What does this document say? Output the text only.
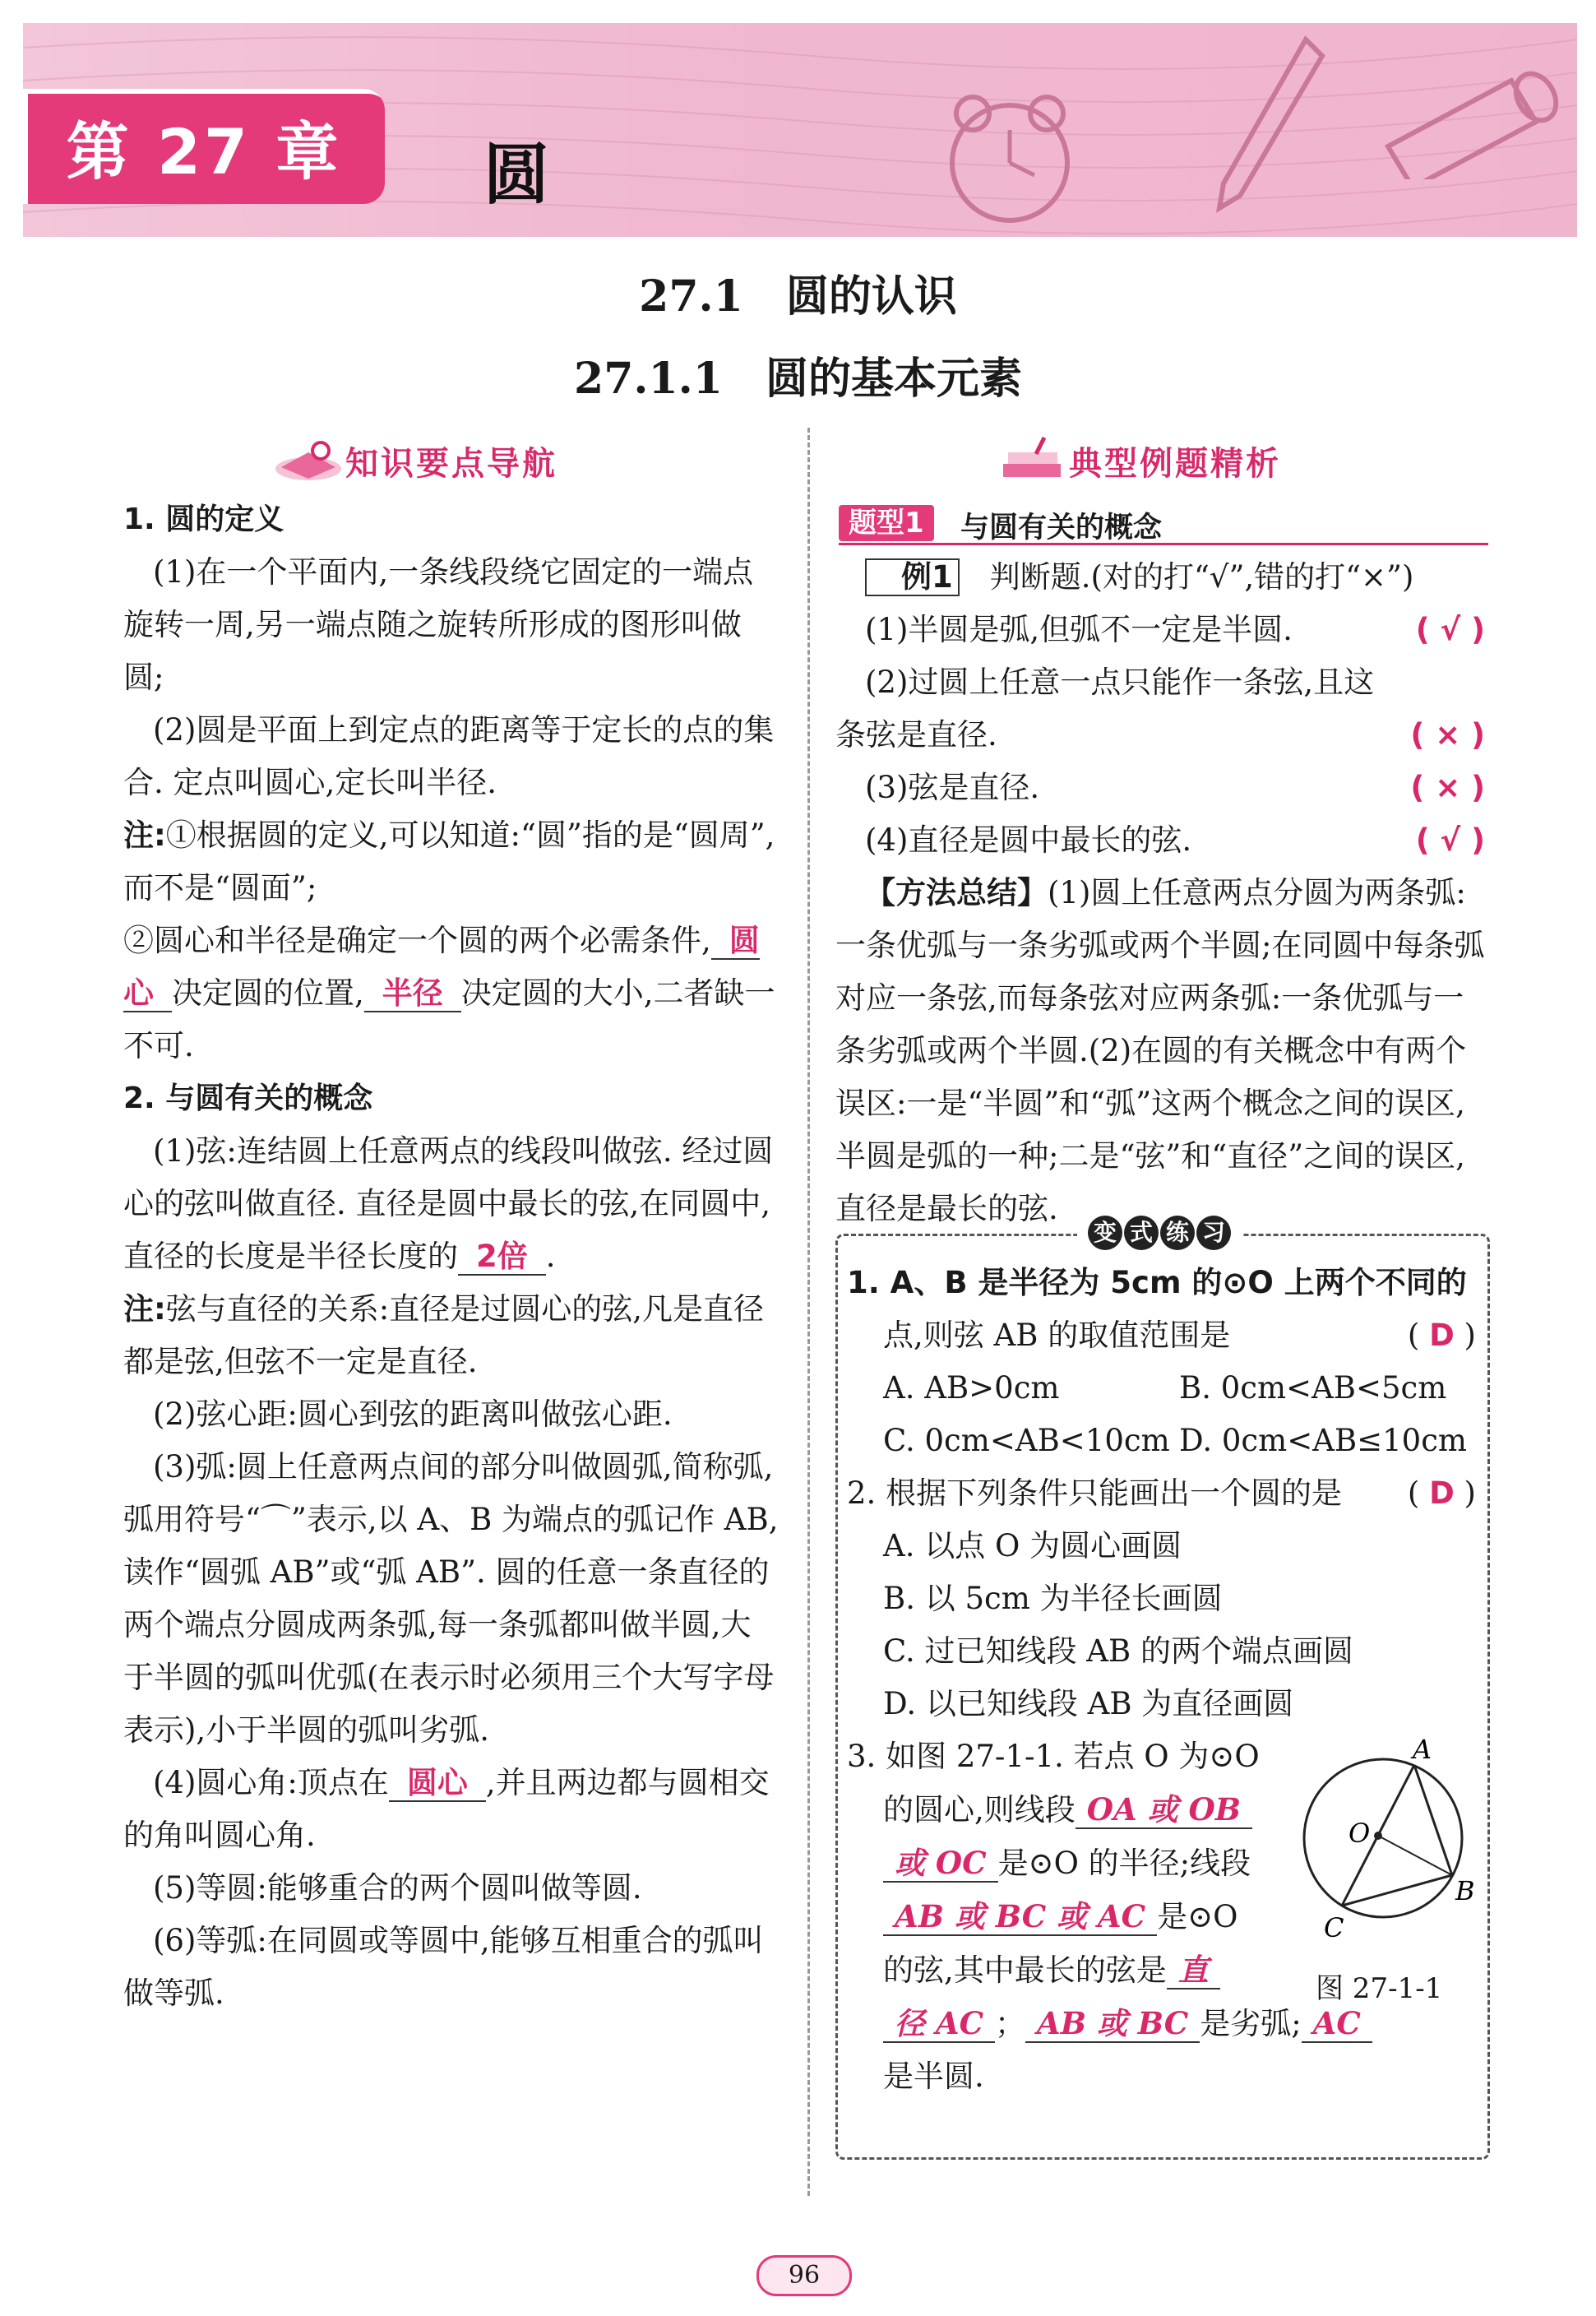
第 27 章 圆
27.1　圆的认识
27.1.1　圆的基本元素
知识要点导航

1. 圆的定义

(1)在一个平面内,一条线段绕它固定的一端点旋转一周,另一端点随之旋转所形成的图形叫做圆;

(2)圆是平面上到定点的距离等于定长的点的集合. 定点叫圆心,定长叫半径.

注:①根据圆的定义,可以知道:“圆”指的是“圆周”,而不是“圆面”;

②圆心和半径是确定一个圆的两个必需条件, 圆心 决定圆的位置, 半径 决定圆的大小,二者缺一不可.

2. 与圆有关的概念

(1)弦:连结圆上任意两点的线段叫做弦. 经过圆心的弦叫做直径. 直径是圆中最长的弦,在同圆中,直径的长度是半径长度的 2倍 .

注:弦与直径的关系:直径是过圆心的弦,凡是直径都是弦,但弦不一定是直径.

(2)弦心距:圆心到弦的距离叫做弦心距.

(3)弧:圆上任意两点间的部分叫做圆弧,简称弧,弧用符号“⌒”表示,以 A、B 为端点的弧记作 AB,读作“圆弧 AB”或“弧 AB”. 圆的任意一条直径的两个端点分圆成两条弧,每一条弧都叫做半圆,大于半圆的弧叫优弧(在表示时必须用三个大写字母表示),小于半圆的弧叫劣弧.

(4)圆心角:顶点在 圆心 ,并且两边都与圆相交的角叫圆心角.

(5)等圆:能够重合的两个圆叫做等圆.

(6)等弧:在同圆或等圆中,能够互相重合的弧叫做等弧.

典型例题精析
题型1	与圆有关的概念

例1　 判断题.(对的打“√”,错的打“×”)

(1)半圆是弧,但弧不一定是半圆.	( √ )

(2)过圆上任意一点只能作一条弦,且这

条弦是直径.	( × )

(3)弦是直径.	( × )

(4)直径是圆中最长的弦.	( √ )

【方法总结】(1)圆上任意两点分圆为两条弧:一条优弧与一条劣弧或两个半圆;在同圆中每条弧对应一条弦,而每条弦对应两条弧:一条优弧与一条劣弧或两个半圆.(2)在圆的有关概念中有两个误区:一是“半圆”和“弧”这两个概念之间的误区,半圆是弧的一种;二是“弦”和“直径”之间的误区,直径是最长的弦.

变 式 练 习

1. A、B 是半径为 5cm 的⊙O 上两个不同的

点,则弦 AB 的取值范围是	( D )

A. AB>0cm	B. 0cm<AB<5cm
C. 0cm<AB<10cm D. 0cm<AB≤10cm

2. 根据下列条件只能画出一个圆的是 ( D )

A. 以点 O 为圆心画圆

B. 以 5cm 为半径长画圆

C. 过已知线段 AB 的两个端点画圆

D. 以已知线段 AB 为直径画圆

3. 如图 27-1-1. 若点 O 为⊙O

的圆心,则线段 OA 或 OB

或 OC 是⊙O 的半径;线段

AB 或 BC 或 AC 是⊙O

的弦,其中最长的弦是 直

径 AC ； AB 或 BC 是劣弧; AC

是半圆.

A
O
B
C
图 27-1-1
96
